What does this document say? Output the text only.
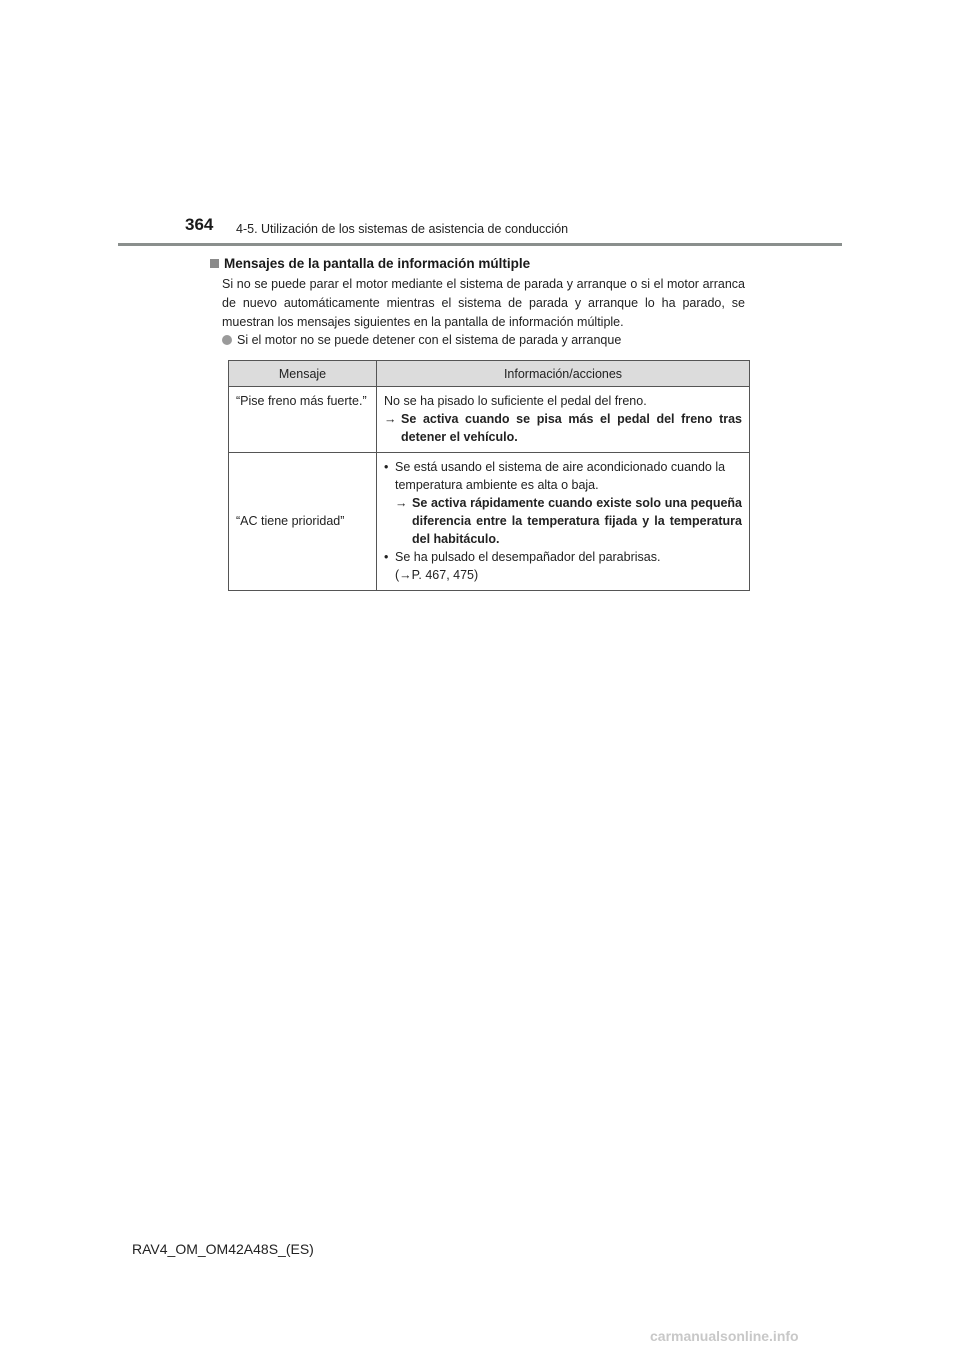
364 4-5. Utilización de los sistemas de asistencia de conducción
Mensajes de la pantalla de información múltiple
Si no se puede parar el motor mediante el sistema de parada y arranque o si el motor arranca de nuevo automáticamente mientras el sistema de parada y arranque lo ha parado, se muestran los mensajes siguientes en la pantalla de información múltiple.
Si el motor no se puede detener con el sistema de parada y arranque
Mensaje	Información/acciones
“Pise freno más fuerte.”	No se ha pisado lo suficiente el pedal del freno.
→ Se activa cuando se pisa más el pedal del freno tras detener el vehículo.

“AC tiene prioridad”	• Se está usando el sistema de aire acondicionado cuando la temperatura ambiente es alta o baja.
→ Se activa rápidamente cuando existe solo una pequeña diferencia entre la temperatura fijada y la temperatura del habitáculo.
• Se ha pulsado el desempañador del parabrisas.
(→P. 467, 475)
RAV4_OM_OM42A48S_(ES)
carmanualsonline.info
